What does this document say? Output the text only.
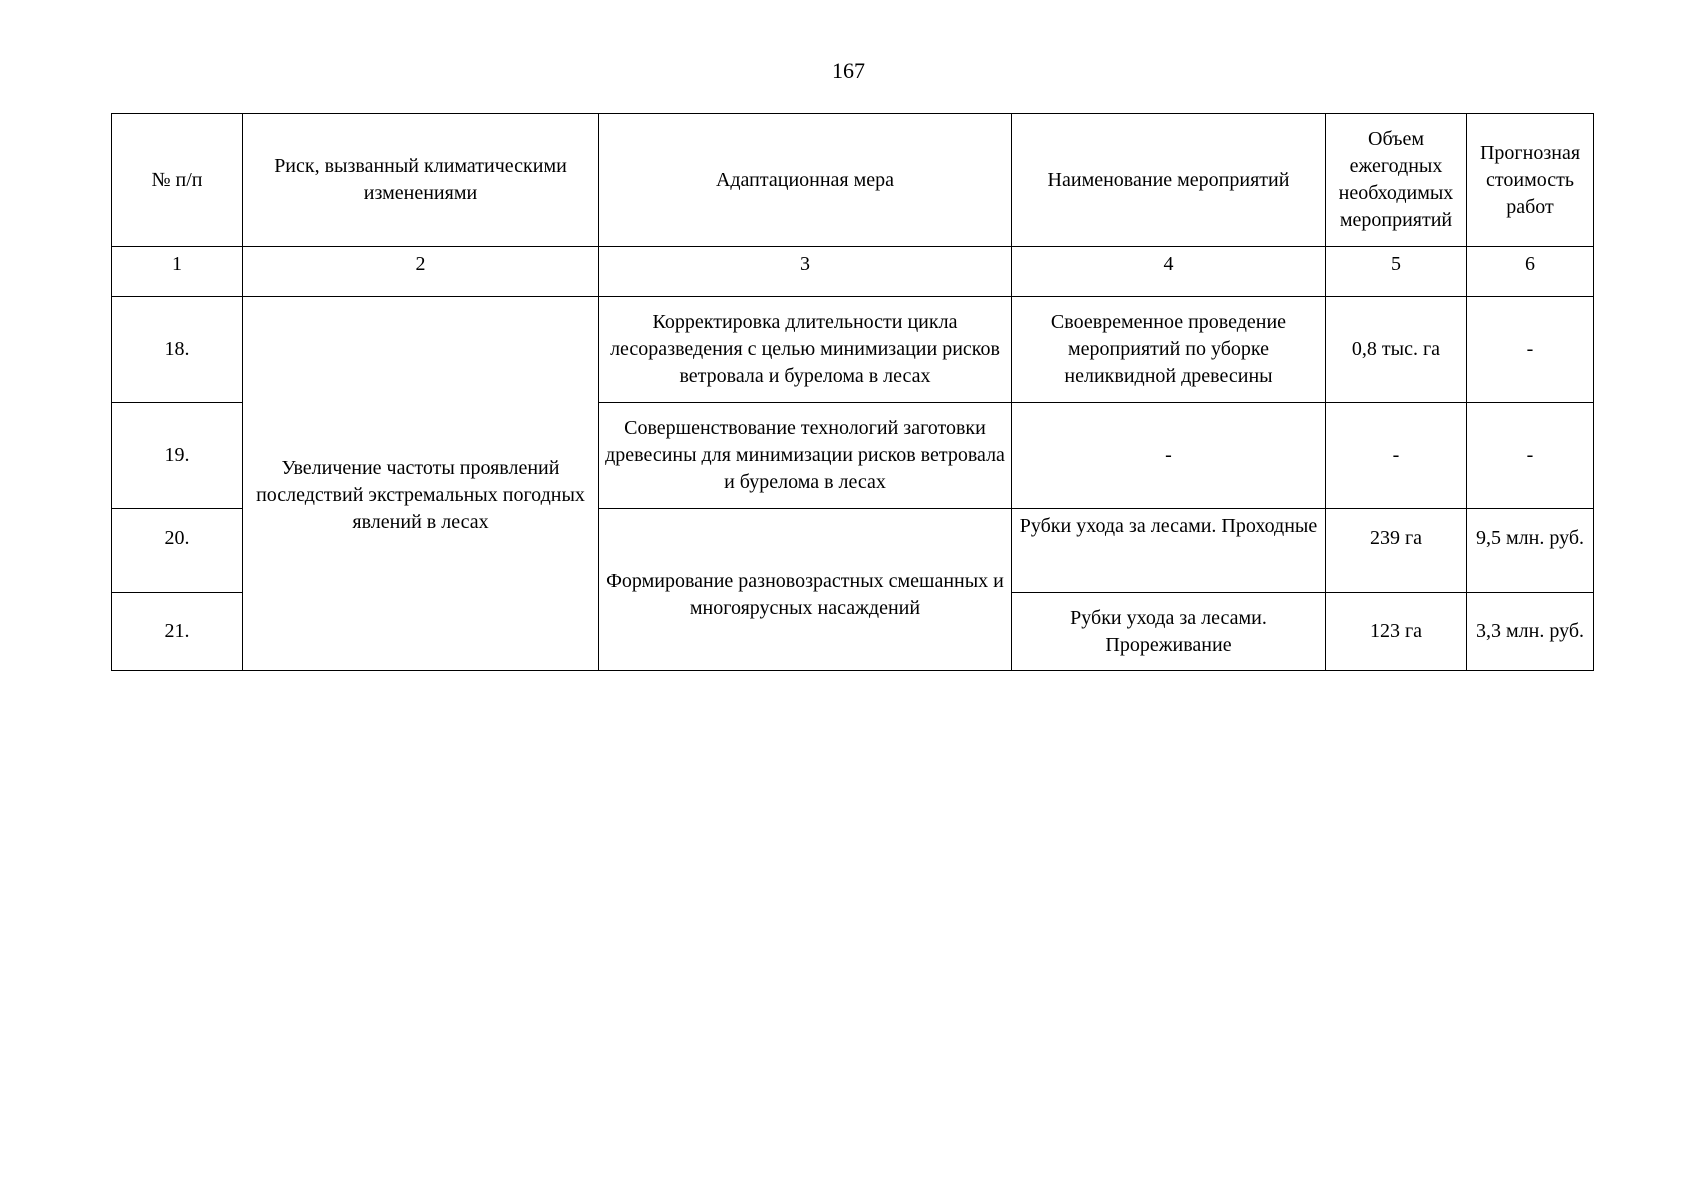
167
№ п/п	Риск, вызванный климатическими изменениями	Адаптационная мера	Наименование мероприятий	Объем ежегодных необходимых мероприятий	Прогнозная стоимость работ
1	2	3	4	5	6
18.	Увеличение частоты проявлений последствий экстремальных погодных явлений в лесах	Корректировка длительности цикла лесоразведения с целью минимизации рисков ветровала и бурелома в лесах	Своевременное проведение мероприятий по уборке неликвидной древесины	0,8 тыс. га	-
19.		Совершенствование технологий заготовки древесины для минимизации рисков ветровала и бурелома в лесах	-	-	-
20.		Формирование разновозрастных смешанных и многоярусных насаждений	Рубки ухода за лесами. Проходные	239 га	9,5 млн. руб.
21.			Рубки ухода за лесами. Прореживание	123 га	3,3 млн. руб.
